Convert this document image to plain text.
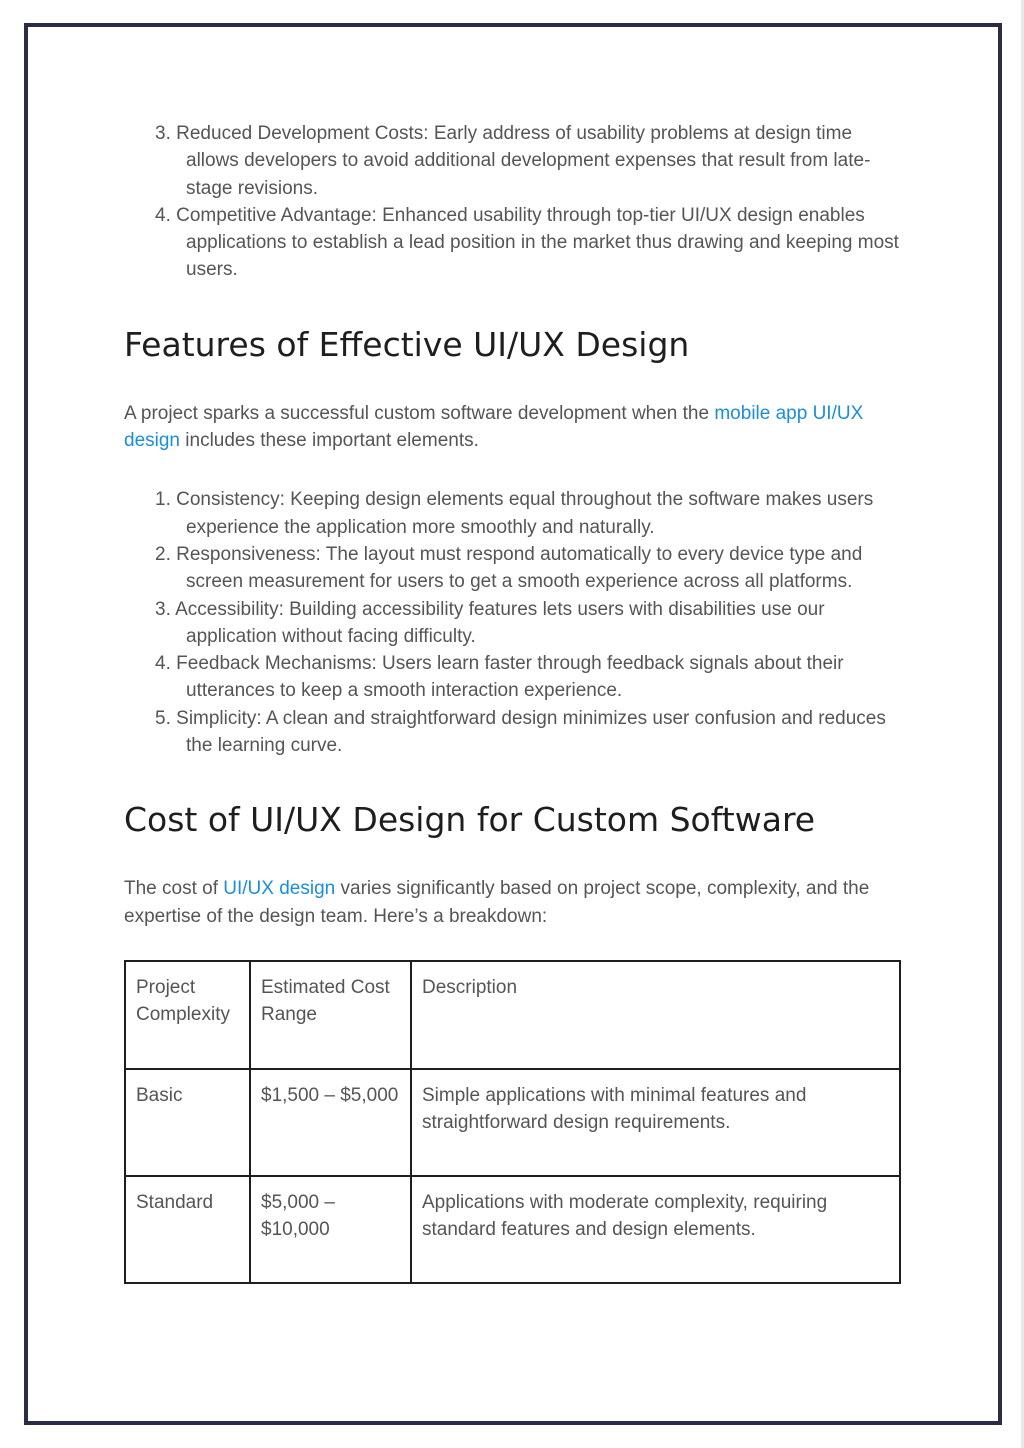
3. Reduced Development Costs: Early address of usability problems at design time allows developers to avoid additional development expenses that result from late-stage revisions.
4. Competitive Advantage: Enhanced usability through top-tier UI/UX design enables applications to establish a lead position in the market thus drawing and keeping most users.
Features of Effective UI/UX Design

A project sparks a successful custom software development when the mobile app UI/UX design includes these important elements.

1. Consistency: Keeping design elements equal throughout the software makes users experience the application more smoothly and naturally.
2. Responsiveness: The layout must respond automatically to every device type and screen measurement for users to get a smooth experience across all platforms.
3. Accessibility: Building accessibility features lets users with disabilities use our application without facing difficulty.
4. Feedback Mechanisms: Users learn faster through feedback signals about their utterances to keep a smooth interaction experience.
5. Simplicity: A clean and straightforward design minimizes user confusion and reduces the learning curve.
Cost of UI/UX Design for Custom Software

The cost of UI/UX design varies significantly based on project scope, complexity, and the expertise of the design team. Here’s a breakdown:

Project Complexity	Estimated Cost Range	Description
Basic	$1,500 – $5,000	Simple applications with minimal features and straightforward design requirements.
Standard	$5,000 – $10,000	Applications with moderate complexity, requiring standard features and design elements.
